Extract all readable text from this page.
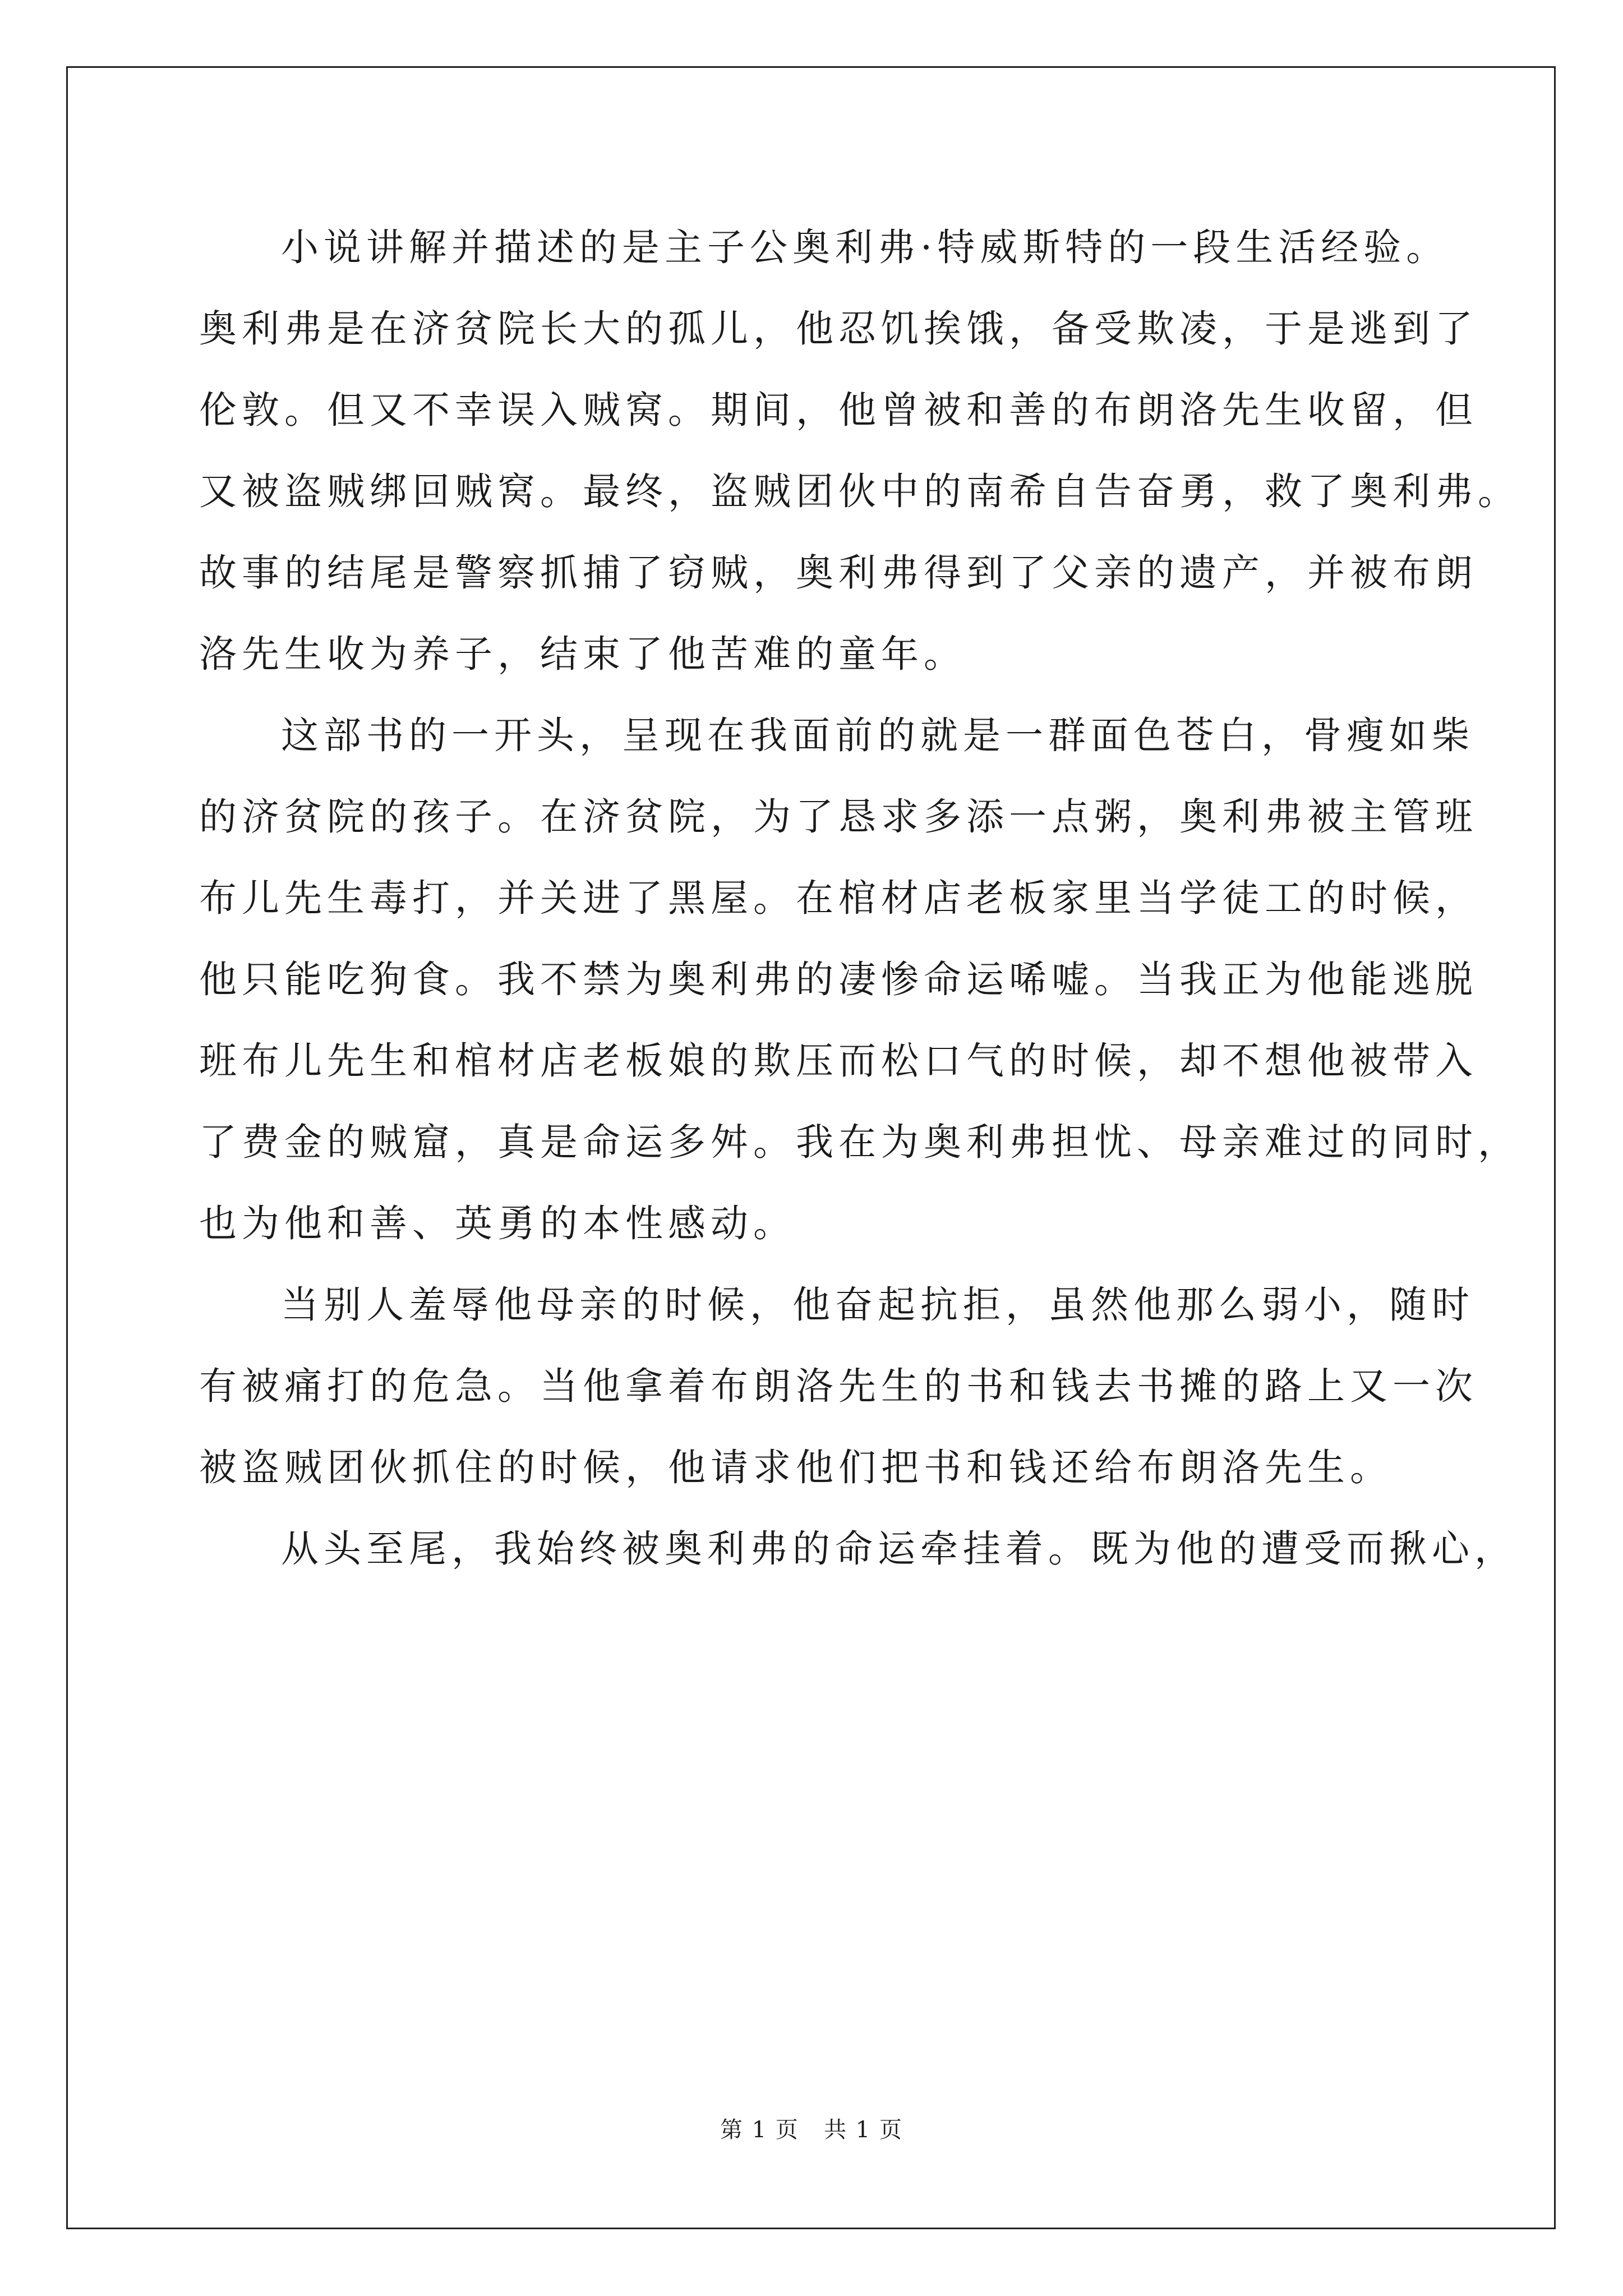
小说讲解并描述的是主子公奥利弗·特威斯特的一段生活经验。
奥利弗是在济贫院长大的孤儿，他忍饥挨饿，备受欺凌，于是逃到了
伦敦。但又不幸误入贼窝。期间，他曾被和善的布朗洛先生收留，但
又被盗贼绑回贼窝。最终，盗贼团伙中的南希自告奋勇，救了奥利弗。
故事的结尾是警察抓捕了窃贼，奥利弗得到了父亲的遗产，并被布朗
洛先生收为养子，结束了他苦难的童年。
这部书的一开头，呈现在我面前的就是一群面色苍白，骨瘦如柴
的济贫院的孩子。在济贫院，为了恳求多添一点粥，奥利弗被主管班
布儿先生毒打，并关进了黑屋。在棺材店老板家里当学徒工的时候，
他只能吃狗食。我不禁为奥利弗的凄惨命运唏嘘。当我正为他能逃脱
班布儿先生和棺材店老板娘的欺压而松口气的时候，却不想他被带入
了费金的贼窟，真是命运多舛。我在为奥利弗担忧、母亲难过的同时，
也为他和善、英勇的本性感动。
当别人羞辱他母亲的时候，他奋起抗拒，虽然他那么弱小，随时
有被痛打的危急。当他拿着布朗洛先生的书和钱去书摊的路上又一次
被盗贼团伙抓住的时候，他请求他们把书和钱还给布朗洛先生。
从头至尾，我始终被奥利弗的命运牵挂着。既为他的遭受而揪心，
第 1 页 共 1 页
